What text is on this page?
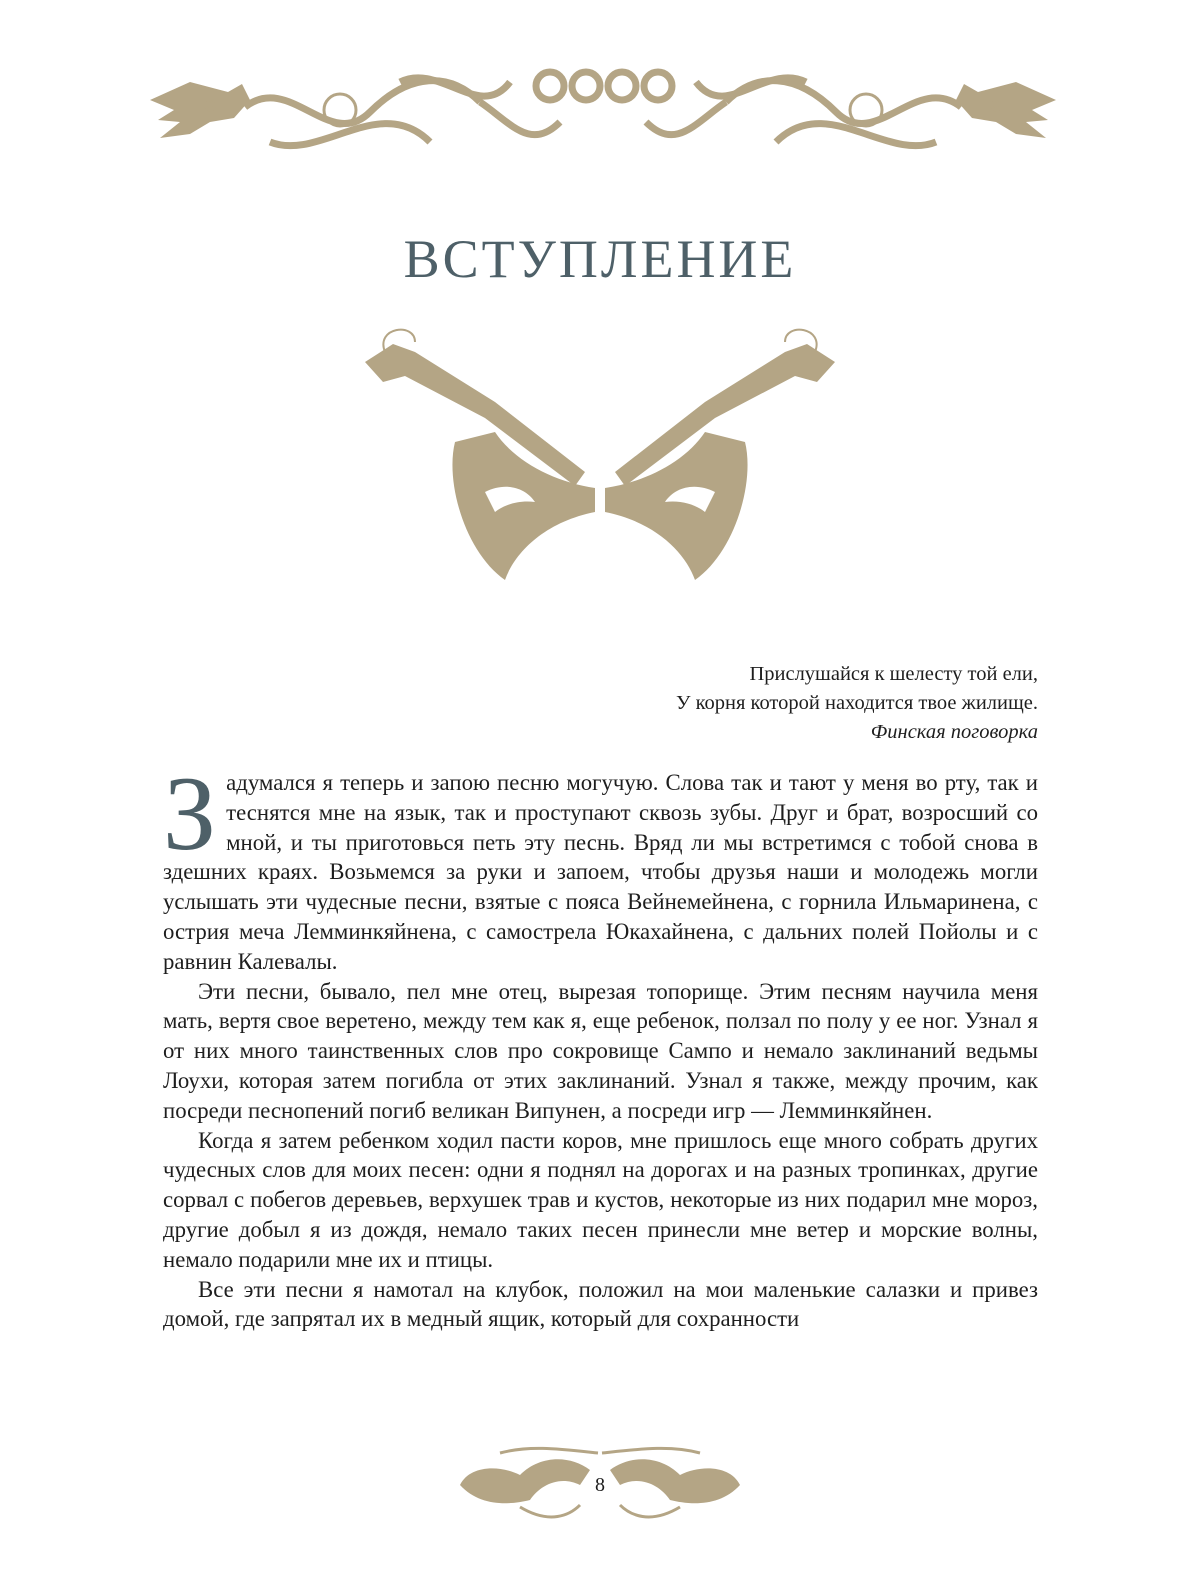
ВСТУПЛЕНИЕ
Прислушайся к шелесту той ели,
У корня которой находится твое жилище.
Финская поговорка

Задумался я теперь и запою песню могучую. Слова так и тают у меня во рту, так и теснятся мне на язык, так и проступают сквозь зубы. Друг и брат, возросший со мной, и ты приготовься петь эту песнь. Вряд ли мы встретимся с тобой снова в здешних краях. Возьмемся за руки и запоем, чтобы друзья наши и молодежь могли услышать эти чудесные песни, взятые с пояса Вейнемейнена, с горнила Ильмаринена, с острия меча Лемминкяйнена, с самострела Юкахайнена, с дальних полей Пойолы и с равнин Калевалы.

Эти песни, бывало, пел мне отец, вырезая топорище. Этим песням научила меня мать, вертя свое веретено, между тем как я, еще ребенок, ползал по полу у ее ног. Узнал я от них много таинственных слов про сокровище Сампо и немало заклинаний ведьмы Лоухи, которая затем погибла от этих заклинаний. Узнал я также, между прочим, как посреди песнопений погиб великан Випунен, а посреди игр — Лемминкяйнен.

Когда я затем ребенком ходил пасти коров, мне пришлось еще много собрать других чудесных слов для моих песен: одни я поднял на дорогах и на разных тропинках, другие сорвал с побегов деревьев, верхушек трав и кустов, некоторые из них подарил мне мороз, другие добыл я из дождя, немало таких песен принесли мне ветер и морские волны, немало подарили мне их и птицы.

Все эти песни я намотал на клубок, положил на мои маленькие салазки и привез домой, где запрятал их в медный ящик, который для сохранности

8
